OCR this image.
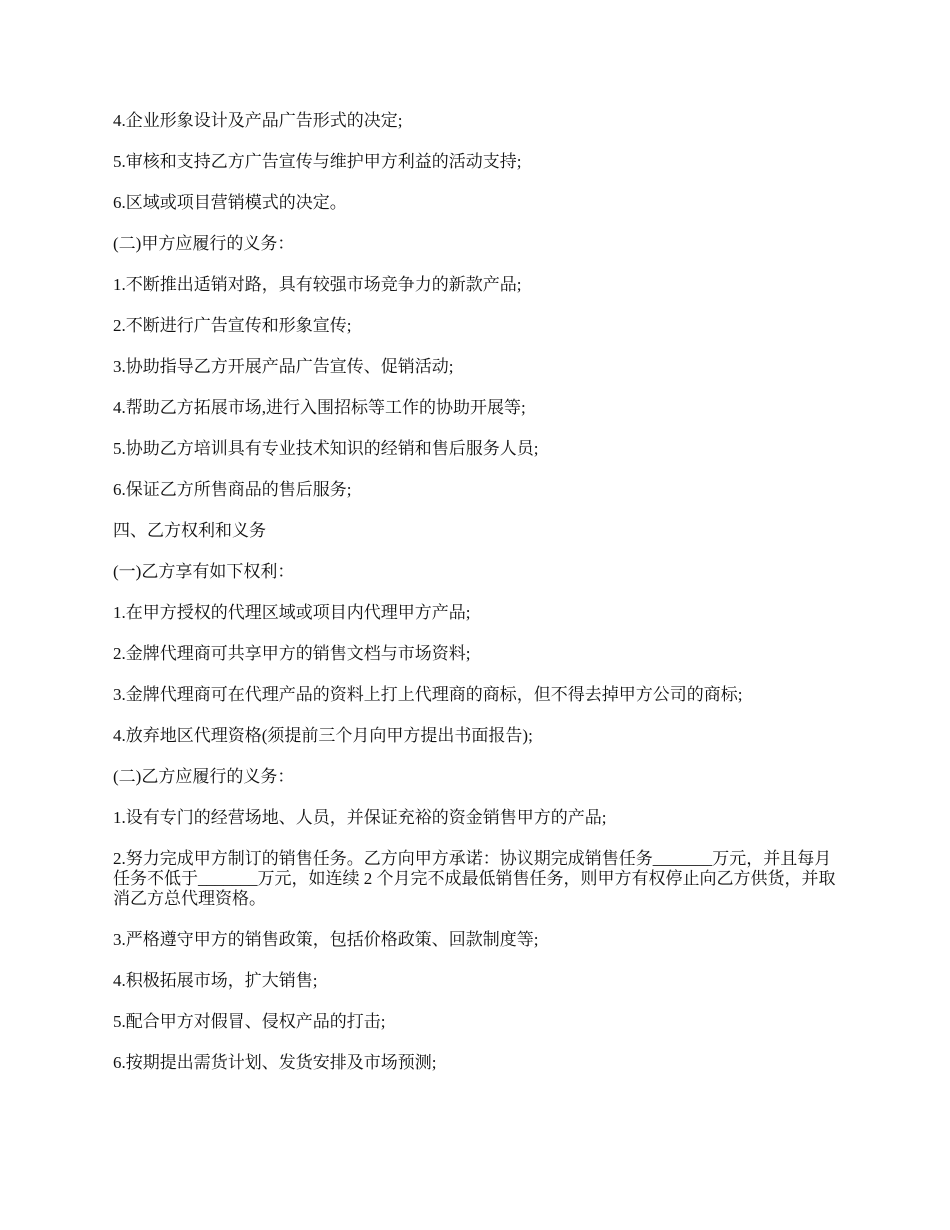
4.企业形象设计及产品广告形式的决定;

5.审核和支持乙方广告宣传与维护甲方利益的活动支持;

6.区域或项目营销模式的决定。

(二)甲方应履行的义务：

1.不断推出适销对路，具有较强市场竞争力的新款产品;

2.不断进行广告宣传和形象宣传;

3.协助指导乙方开展产品广告宣传、促销活动;

4.帮助乙方拓展市场,进行入围招标等工作的协助开展等;

5.协助乙方培训具有专业技术知识的经销和售后服务人员;

6.保证乙方所售商品的售后服务;

四、乙方权利和义务

(一)乙方享有如下权利：

1.在甲方授权的代理区域或项目内代理甲方产品;

2.金牌代理商可共享甲方的销售文档与市场资料;

3.金牌代理商可在代理产品的资料上打上代理商的商标，但不得去掉甲方公司的商标;

4.放弃地区代理资格(须提前三个月向甲方提出书面报告);

(二)乙方应履行的义务：

1.设有专门的经营场地、人员，并保证充裕的资金销售甲方的产品;

2.努力完成甲方制订的销售任务。乙方向甲方承诺：协议期完成销售任务_______万元，并且每月任务不低于_______万元，如连续 2 个月完不成最低销售任务，则甲方有权停止向乙方供货，并取消乙方总代理资格。

3.严格遵守甲方的销售政策，包括价格政策、回款制度等;

4.积极拓展市场，扩大销售;

5.配合甲方对假冒、侵权产品的打击;

6.按期提出需货计划、发货安排及市场预测;
